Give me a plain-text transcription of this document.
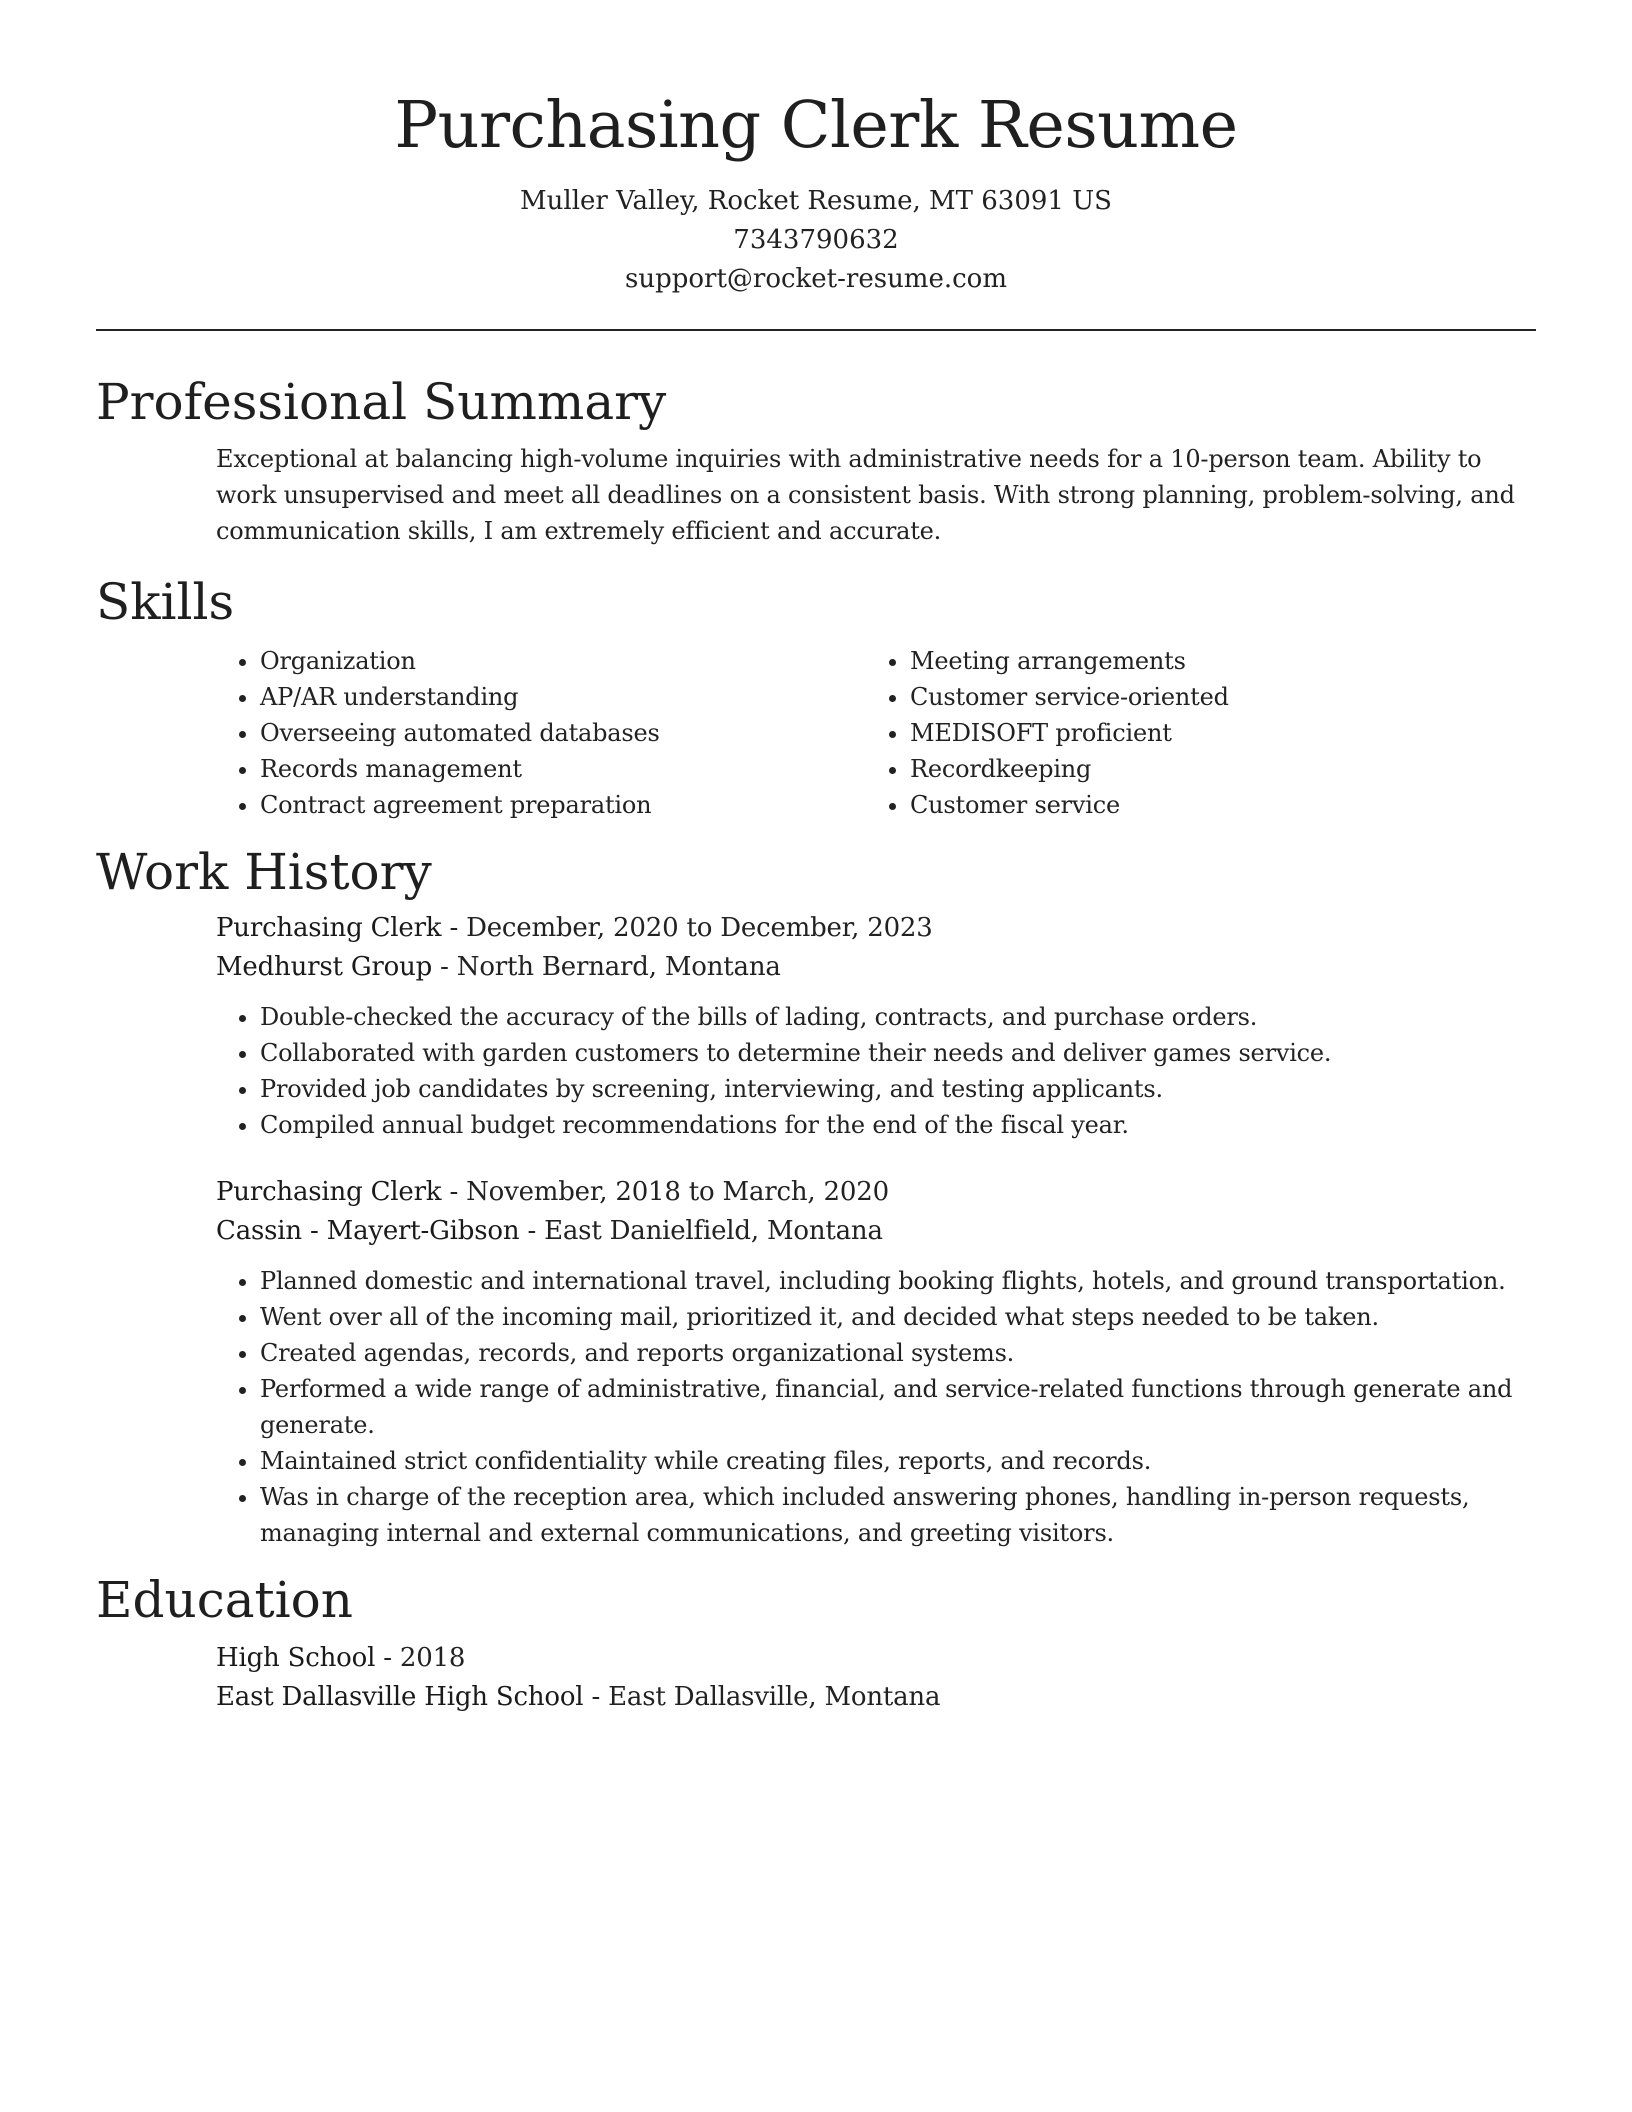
Purchasing Clerk Resume
Muller Valley, Rocket Resume, MT 63091 US
7343790632
support@rocket-resume.com
Professional Summary

Exceptional at balancing high-volume inquiries with administrative needs for a 10-person team. Ability to work unsupervised and meet all deadlines on a consistent basis. With strong planning, problem-solving, and communication skills, I am extremely efficient and accurate.

Skills
• Organization
• AP/AR understanding
• Overseeing automated databases
• Records management
• Contract agreement preparation
• Meeting arrangements
• Customer service-oriented
• MEDISOFT proficient
• Recordkeeping
• Customer service
Work History
Purchasing Clerk - December, 2020 to December, 2023
Medhurst Group - North Bernard, Montana
• Double-checked the accuracy of the bills of lading, contracts, and purchase orders.
• Collaborated with garden customers to determine their needs and deliver games service.
• Provided job candidates by screening, interviewing, and testing applicants.
• Compiled annual budget recommendations for the end of the fiscal year.
Purchasing Clerk - November, 2018 to March, 2020
Cassin - Mayert-Gibson - East Danielfield, Montana
• Planned domestic and international travel, including booking flights, hotels, and ground transportation.
• Went over all of the incoming mail, prioritized it, and decided what steps needed to be taken.
• Created agendas, records, and reports organizational systems.
• Performed a wide range of administrative, financial, and service-related functions through generate and generate.
• Maintained strict confidentiality while creating files, reports, and records.
• Was in charge of the reception area, which included answering phones, handling in-person requests, managing internal and external communications, and greeting visitors.
Education
High School - 2018
East Dallasville High School - East Dallasville, Montana
